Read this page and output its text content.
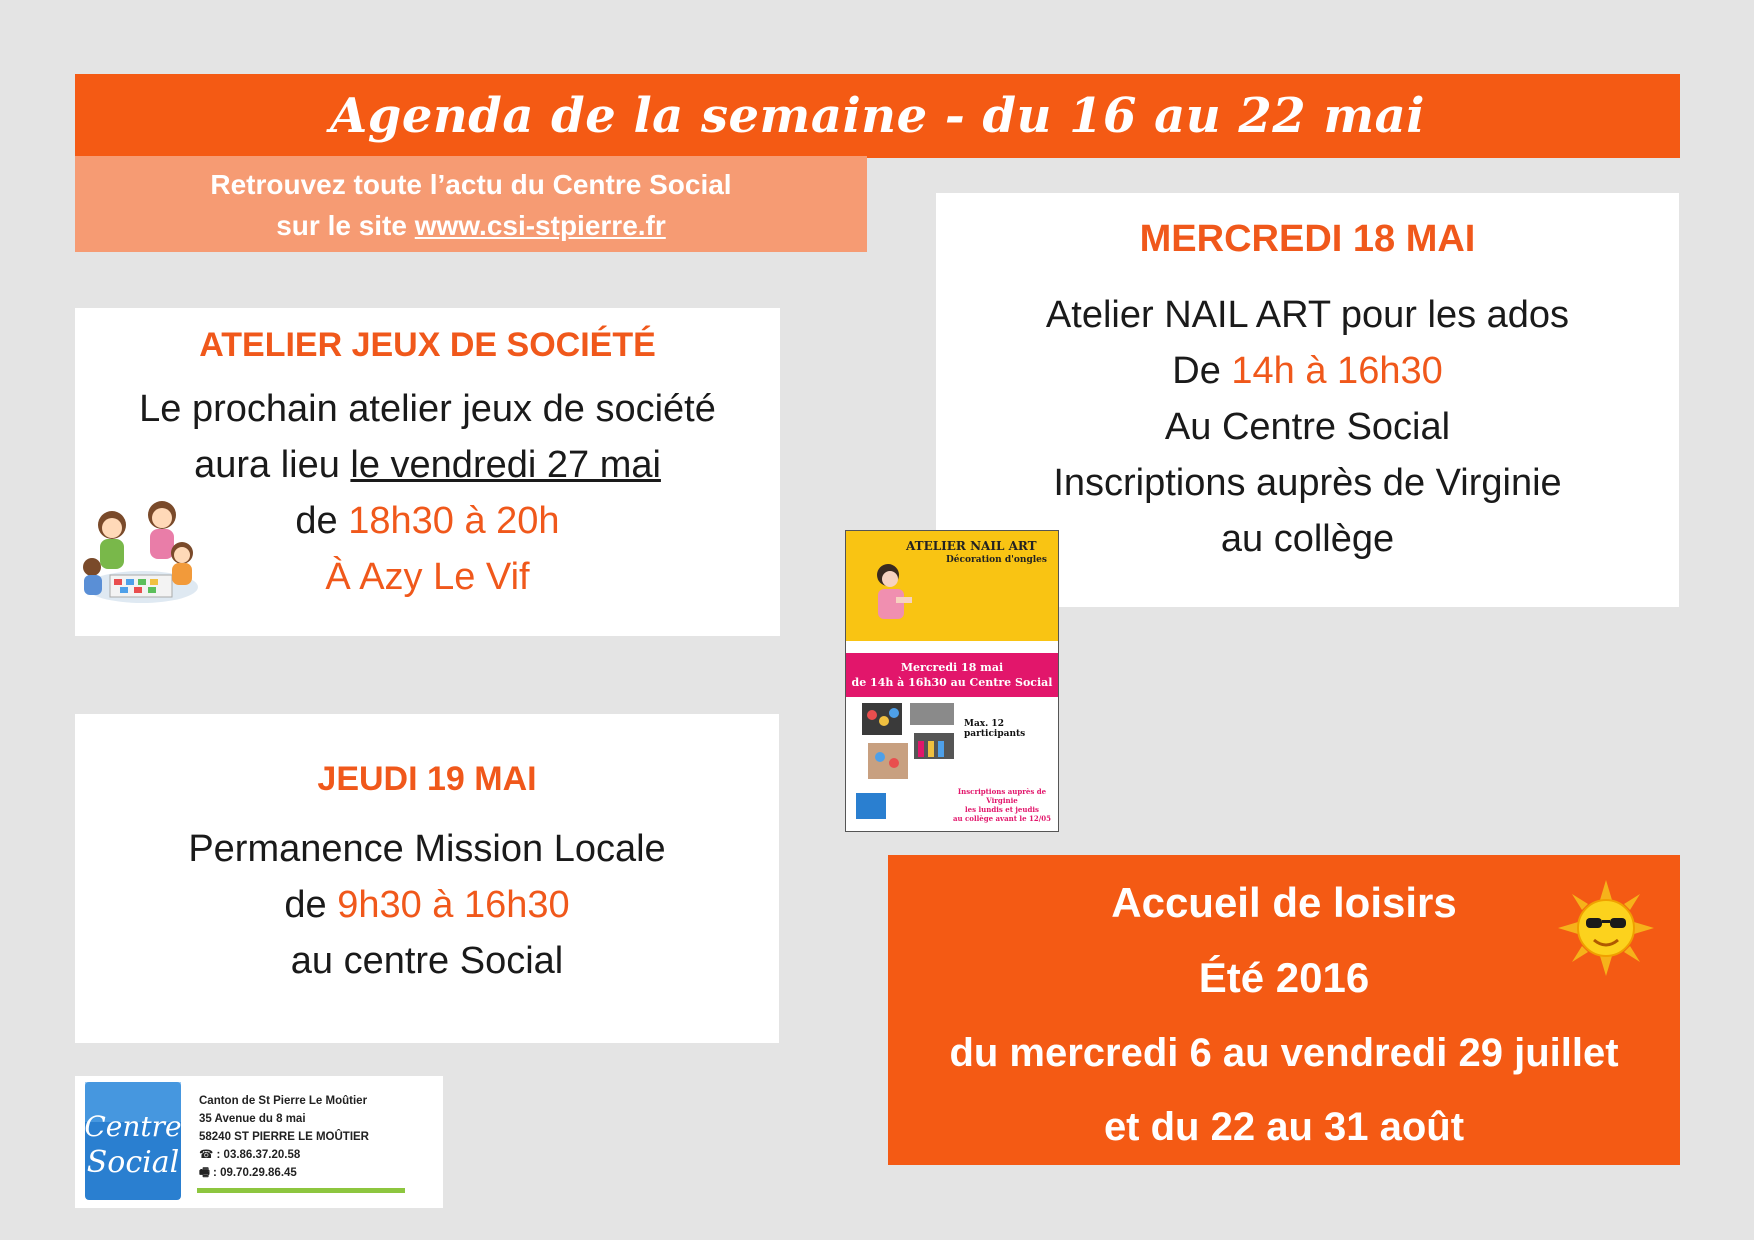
Agenda de la semaine - du 16 au 22 mai
Retrouvez toute l’actu du Centre Social
sur le site www.csi-stpierre.fr
ATELIER JEUX DE SOCIÉTÉ

Le prochain atelier jeux de société

aura lieu le vendredi 27 mai

de 18h30 à 20h

À Azy Le Vif

MERCREDI 18 MAI

Atelier NAIL ART pour les ados

De 14h à 16h30

Au Centre Social

Inscriptions auprès de Virginie

au collège

ATELIER NAIL ART
Décoration d'ongles
Mercredi 18 mai
de 14h à 16h30 au Centre Social
Max. 12 participants
Inscriptions auprès de Virginie
les lundis et jeudis
au collège avant le 12/05
JEUDI 19 MAI

Permanence Mission Locale

de 9h30 à 16h30

au centre Social

Accueil de loisirs
Été 2016
du mercredi 6 au vendredi 29 juillet
et du 22 au 31 août
Centre
Social
Canton de St Pierre Le Moûtier
35 Avenue du 8 mai
58240 ST PIERRE LE MOÛTIER
☎ : 03.86.37.20.58
🖷 : 09.70.29.86.45
